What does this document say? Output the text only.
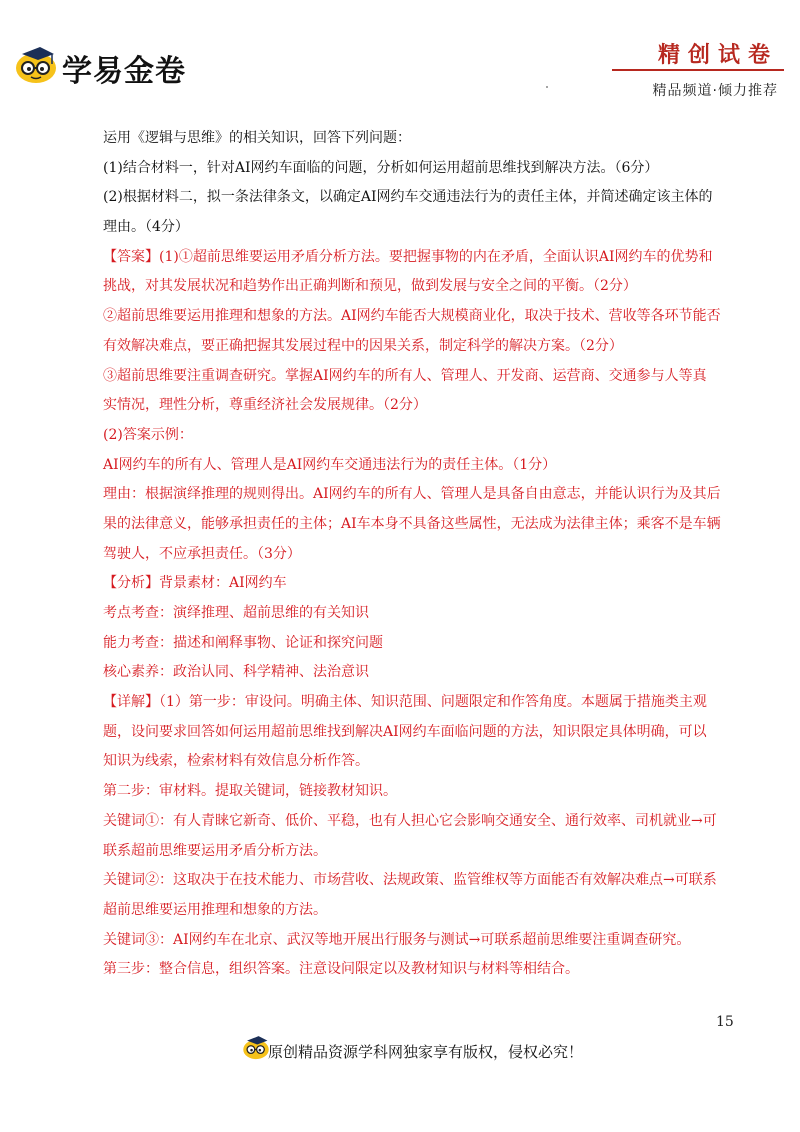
学易金卷	精创试卷
精品频道·倾力推荐
运用《逻辑与思维》的相关知识，回答下列问题：
(1)结合材料一，针对AI网约车面临的问题，分析如何运用超前思维找到解决方法。（6分）
(2)根据材料二，拟一条法律条文，以确定AI网约车交通违法行为的责任主体，并简述确定该主体的
理由。（4分）
【答案】(1)①超前思维要运用矛盾分析方法。要把握事物的内在矛盾，全面认识AI网约车的优势和
挑战，对其发展状况和趋势作出正确判断和预见，做到发展与安全之间的平衡。（2分）
②超前思维要运用推理和想象的方法。AI网约车能否大规模商业化，取决于技术、营收等各环节能否
有效解决难点，要正确把握其发展过程中的因果关系，制定科学的解决方案。（2分）
③超前思维要注重调查研究。掌握AI网约车的所有人、管理人、开发商、运营商、交通参与人等真
实情况，理性分析，尊重经济社会发展规律。（2分）
(2)答案示例：
AI网约车的所有人、管理人是AI网约车交通违法行为的责任主体。（1分）
理由：根据演绎推理的规则得出。AI网约车的所有人、管理人是具备自由意志，并能认识行为及其后
果的法律意义，能够承担责任的主体；AI车本身不具备这些属性，无法成为法律主体；乘客不是车辆
驾驶人，不应承担责任。（3分）
【分析】背景素材：AI网约车
考点考查：演绎推理、超前思维的有关知识
能力考查：描述和阐释事物、论证和探究问题
核心素养：政治认同、科学精神、法治意识
【详解】（1）第一步：审设问。明确主体、知识范围、问题限定和作答角度。本题属于措施类主观
题，设问要求回答如何运用超前思维找到解决AI网约车面临问题的方法，知识限定具体明确，可以
知识为线索，检索材料有效信息分析作答。
第二步：审材料。提取关键词，链接教材知识。
关键词①：有人青睐它新奇、低价、平稳，也有人担心它会影响交通安全、通行效率、司机就业→可
联系超前思维要运用矛盾分析方法。
关键词②：这取决于在技术能力、市场营收、法规政策、监管维权等方面能否有效解决难点→可联系
超前思维要运用推理和想象的方法。
关键词③：AI网约车在北京、武汉等地开展出行服务与测试→可联系超前思维要注重调查研究。
第三步：整合信息，组织答案。注意设问限定以及教材知识与材料等相结合。
15
原创精品资源学科网独家享有版权，侵权必究！
